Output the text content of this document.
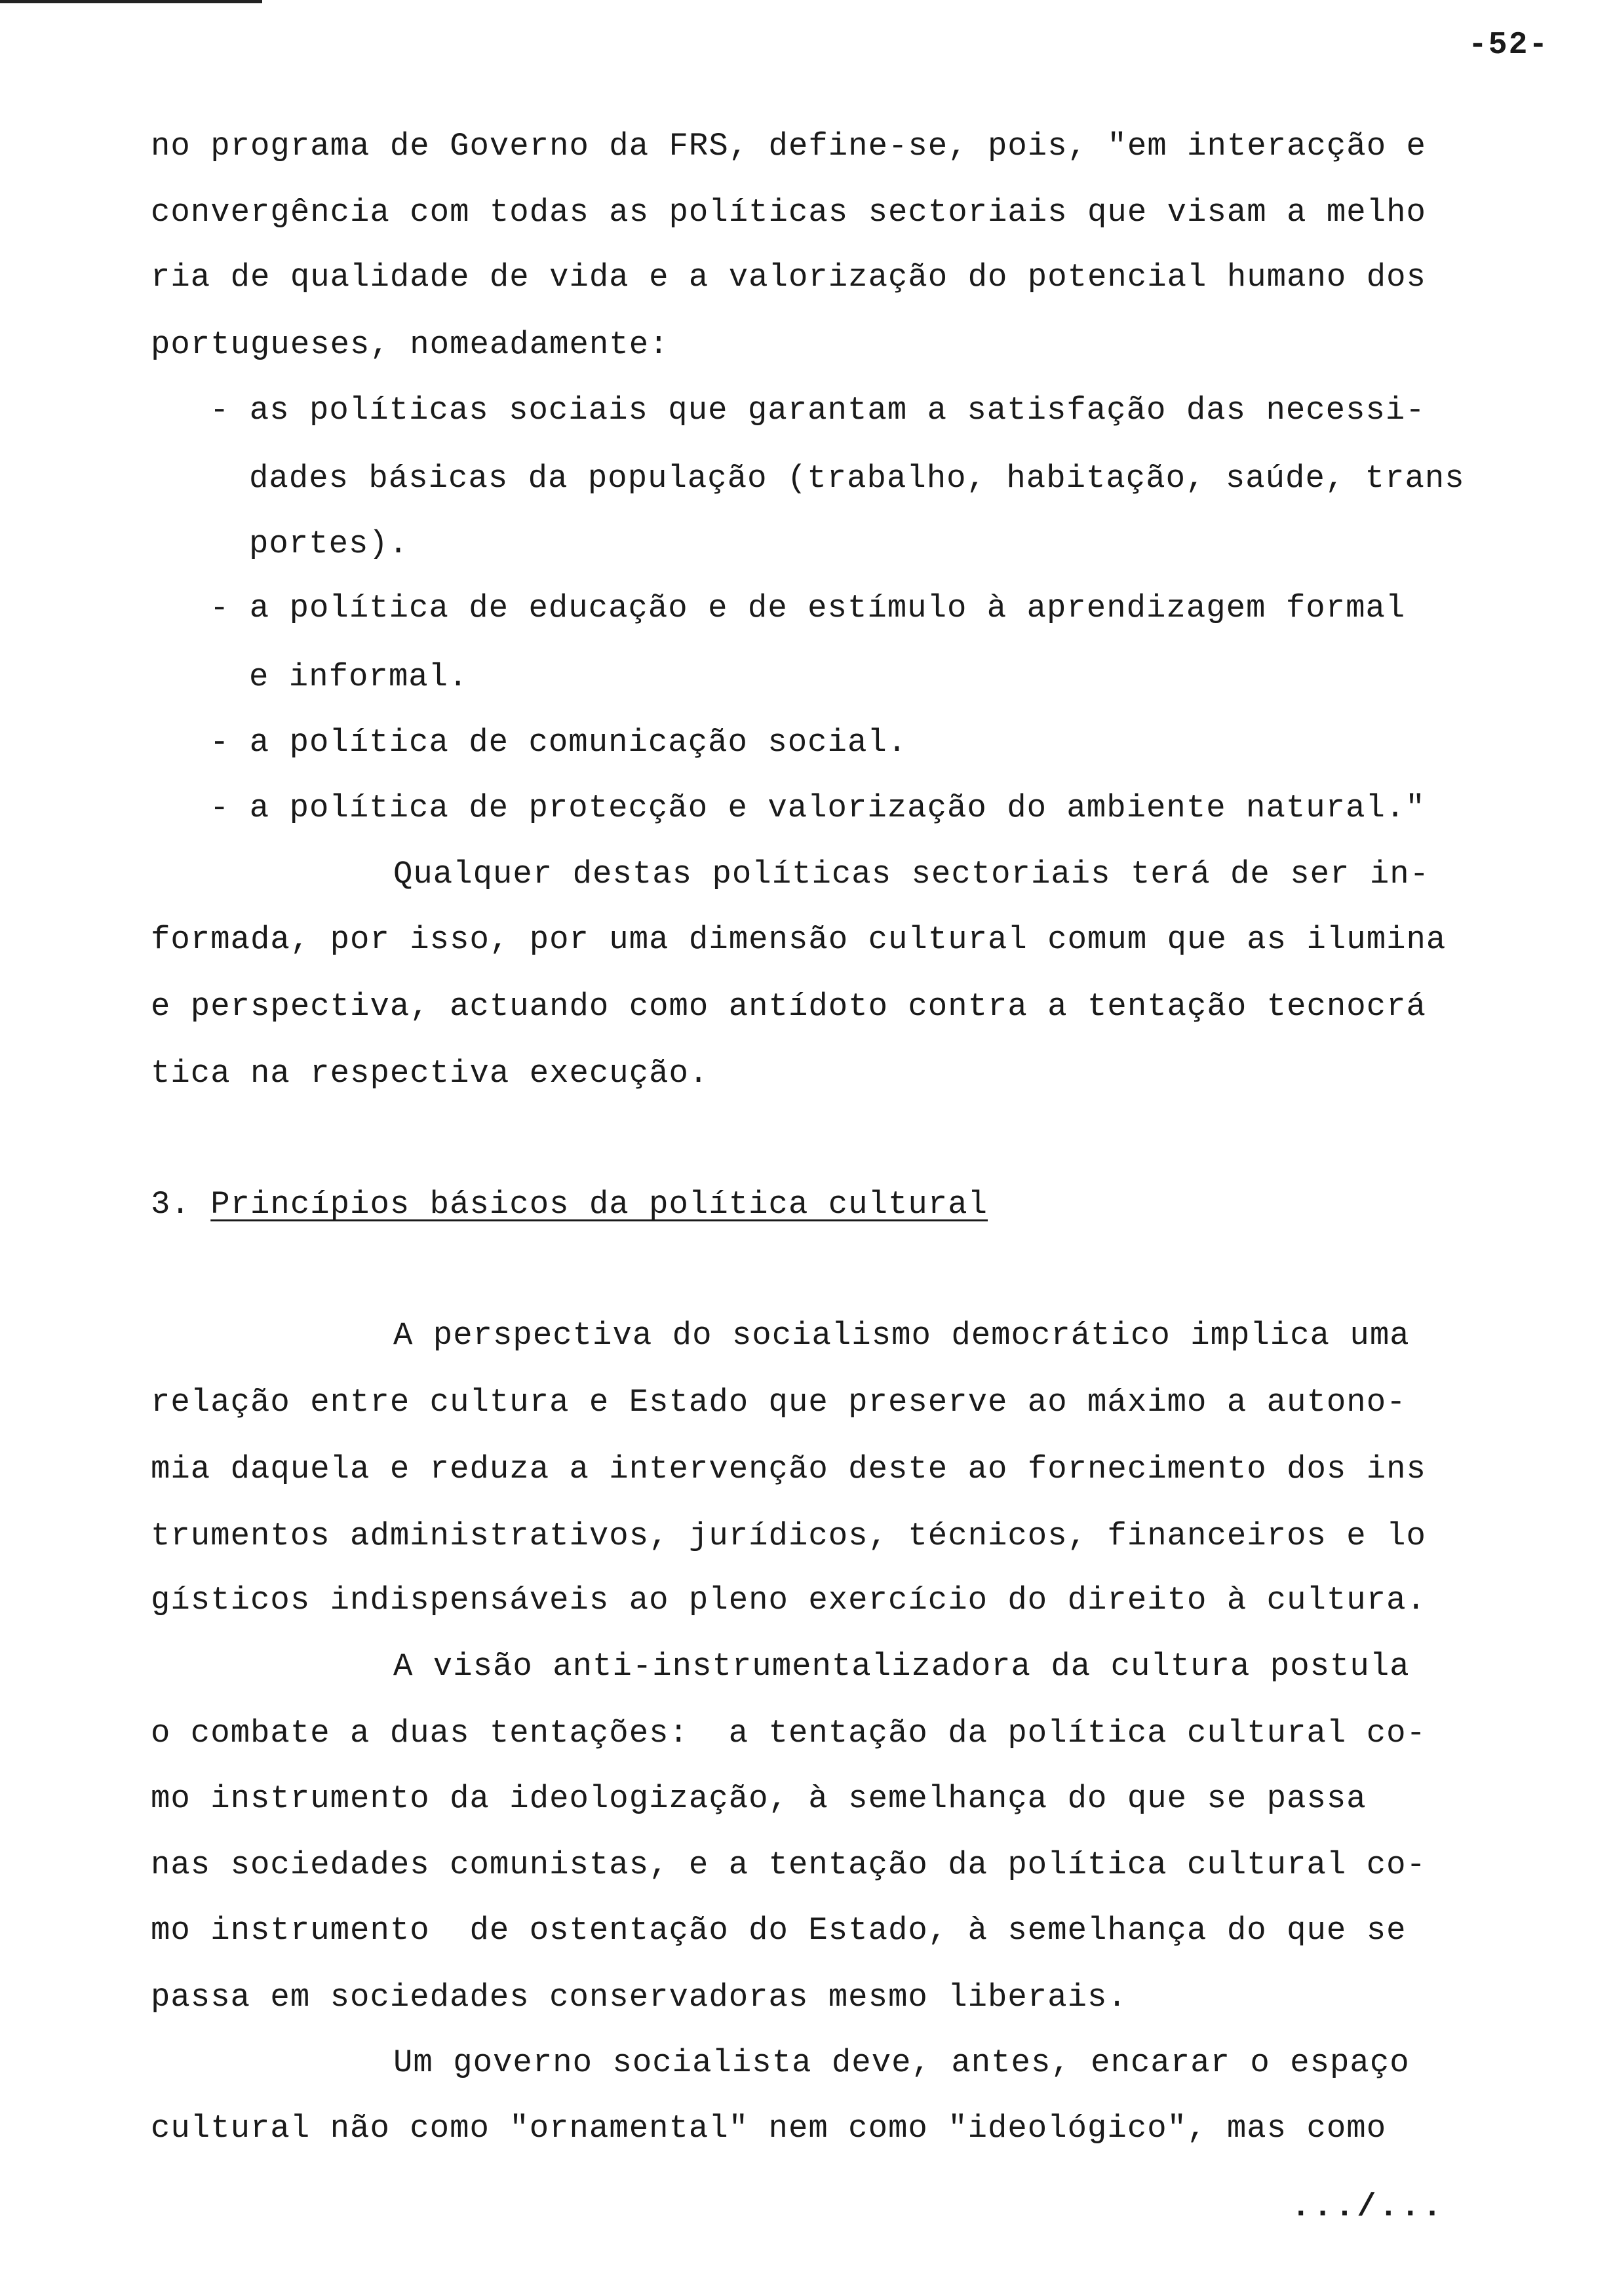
-52-
no programa de Governo da FRS, define-se, pois, "em interacção e
convergência com todas as políticas sectoriais que visam a melho
ria de qualidade de vida e a valorização do potencial humano dos
portugueses, nomeadamente:
- as políticas sociais que garantam a satisfação das necessi-
dades básicas da população (trabalho, habitação, saúde, trans
portes).
- a política de educação e de estímulo à aprendizagem formal
e informal.
- a política de comunicação social.
- a política de protecção e valorização do ambiente natural."
Qualquer destas políticas sectoriais terá de ser in-
formada, por isso, por uma dimensão cultural comum que as ilumina
e perspectiva, actuando como antídoto contra a tentação tecnocrá
tica na respectiva execução.
3. Princípios básicos da política cultural
A perspectiva do socialismo democrático implica uma
relação entre cultura e Estado que preserve ao máximo a autono-
mia daquela e reduza a intervenção deste ao fornecimento dos ins
trumentos administrativos, jurídicos, técnicos, financeiros e lo
gísticos indispensáveis ao pleno exercício do direito à cultura.
A visão anti-instrumentalizadora da cultura postula
o combate a duas tentações:  a tentação da política cultural co-
mo instrumento da ideologização, à semelhança do que se passa
nas sociedades comunistas, e a tentação da política cultural co-
mo instrumento  de ostentação do Estado, à semelhança do que se
passa em sociedades conservadoras mesmo liberais.
Um governo socialista deve, antes, encarar o espaço
cultural não como "ornamental" nem como "ideológico", mas como
.../...
